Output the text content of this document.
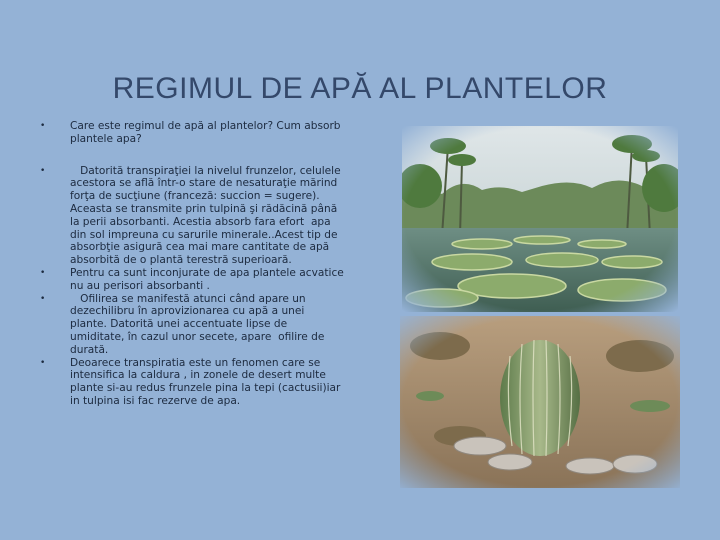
REGIMUL DE APĂ AL PLANTELOR
• Care este regimul de apă al plantelor? Cum absorb plantele apa?
• Datorită transpiraţiei la nivelul frunzelor, celulele acestora se află într-o stare de nesaturaţie mărind forţa de sucţiune (franceză: succion = sugere). Aceasta se transmite prin tulpină şi rădăcină până la perii absorbanti. Acestia absorb fara efort  apa din sol impreuna cu sarurile minerale..Acest tip de absorbţie asigură cea mai mare cantitate de apă absorbită de o plantă terestră superioară.
• Pentru ca sunt inconjurate de apa plantele acvatice nu au perisori absorbanti .
• Ofilirea se manifestă atunci când apare un dezechilibru în aprovizionarea cu apă a unei plante. Datorită unei accentuate lipse de umiditate, în cazul unor secete, apare  ofilire de durată.
• Deoarece transpiratia este un fenomen care se intensifica la caldura , in zonele de desert multe plante si-au redus frunzele pina la tepi (cactusii)iar in tulpina isi fac rezerve de apa.
